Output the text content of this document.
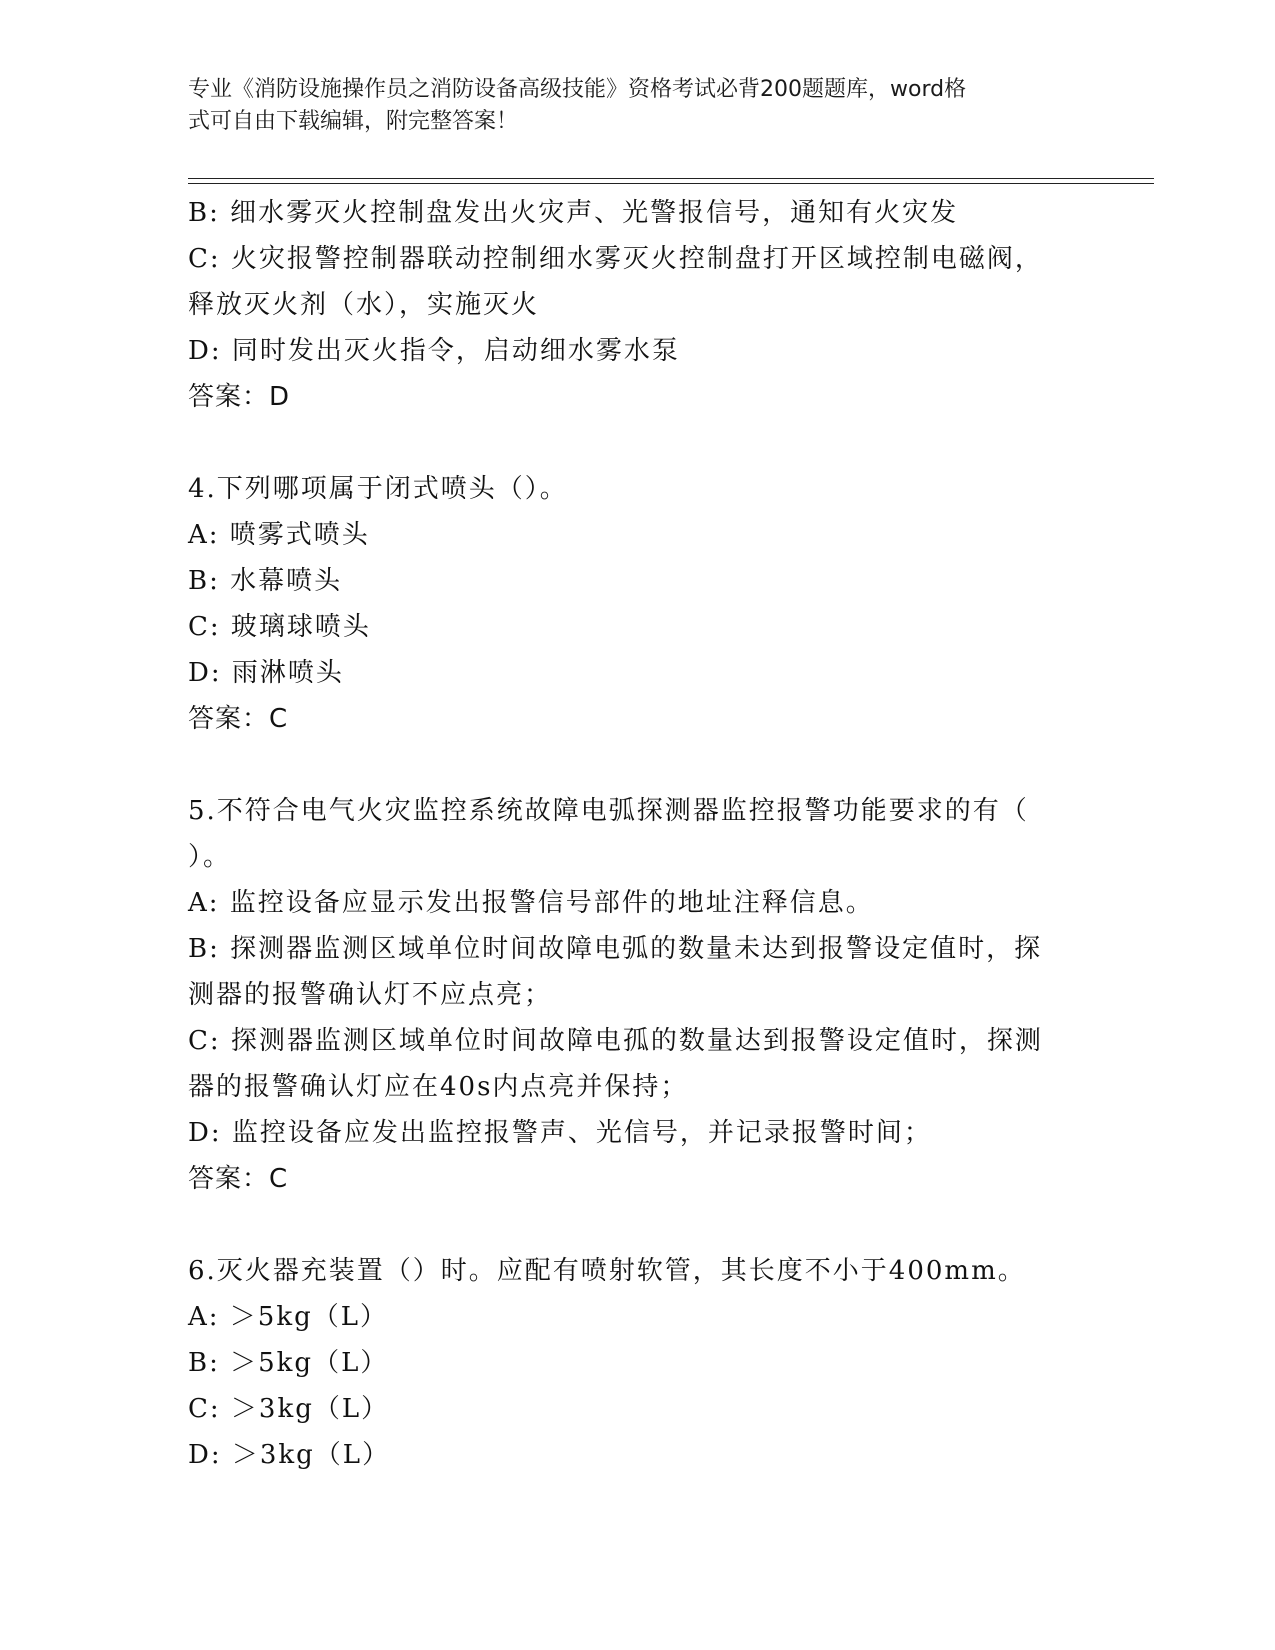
专业《消防设施操作员之消防设备高级技能》资格考试必背200题题库，word格
式可自由下载编辑，附完整答案！
B: 细水雾灭火控制盘发出火灾声、光警报信号，通知有火灾发
C: 火灾报警控制器联动控制细水雾灭火控制盘打开区域控制电磁阀，
释放灭火剂（水），实施灭火
D: 同时发出灭火指令，启动细水雾水泵
答案：D
4.下列哪项属于闭式喷头（）。
A: 喷雾式喷头
B: 水幕喷头
C: 玻璃球喷头
D: 雨淋喷头
答案：C
5.不符合电气火灾监控系统故障电弧探测器监控报警功能要求的有（
）。
A: 监控设备应显示发出报警信号部件的地址注释信息。
B: 探测器监测区域单位时间故障电弧的数量未达到报警设定值时，探
测器的报警确认灯不应点亮；
C: 探测器监测区域单位时间故障电孤的数量达到报警设定值时，探测
器的报警确认灯应在40s内点亮并保持；
D: 监控设备应发出监控报警声、光信号，并记录报警时间；
答案：C
6.灭火器充装置（）时。应配有喷射软管，其长度不小于400mm。
A: ＞5kg（L）
B: ＞5kg（L）
C: ＞3kg（L）
D: ＞3kg（L）
